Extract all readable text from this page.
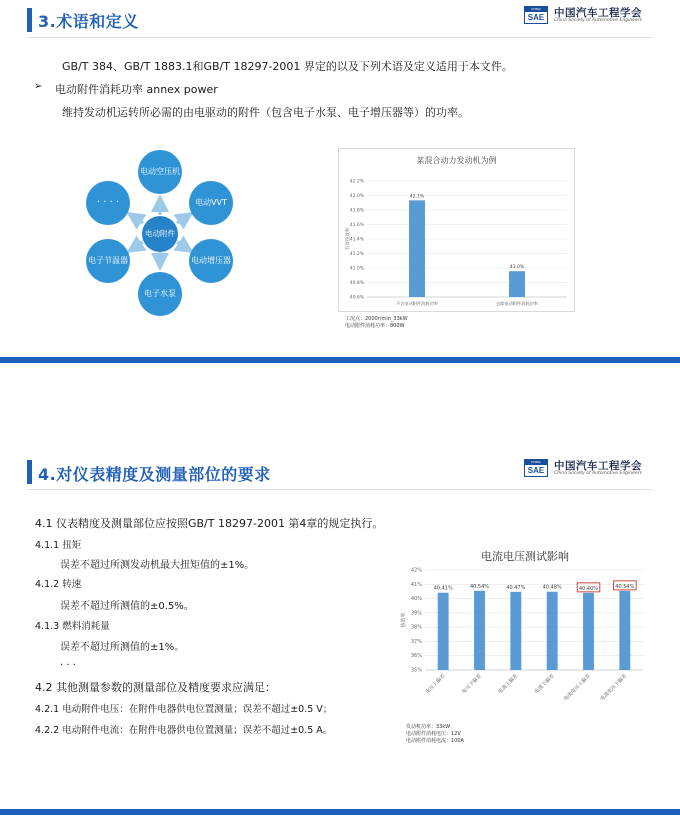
3.术语和定义
CHINA
SAE 中国汽车工程学会
China Society of Automotive Engineers
GB/T 384、GB/T 1883.1和GB/T 18297-2001 界定的以及下列术语及定义适用于本文件。
➢ 电动附件消耗功率 annex power
维持发动机运转所必需的由电驱动的附件（包含电子水泵、电子增压器等）的功率。
电动附件
电动空压机
电动VVT
电动增压器
电子水泵
电子节温器
· · · ·
某混合动力发动机为例
40.6%
40.8%
41.0%
41.2%
41.4%
41.6%
41.8%
42.0%
42.2%
有效热效率
42.1%
不含电动附件消耗功率
41.0%
去除电动附件消耗功率
工况点：2000r/min_33kW
电动附件消耗功率：800W
4.对仪表精度及测量部位的要求
CHINA
SAE 中国汽车工程学会
China Society of Automotive Engineers
4.1 仪表精度及测量部位应按照GB/T 18297-2001 第4章的规定执行。
4.1.1 扭矩
误差不超过所测发动机最大扭矩值的±1%。
4.1.2 转速
误差不超过所测值的±0.5%。
4.1.3 燃料消耗量
误差不超过所测值的±1%。
· · ·
4.2 其他测量参数的测量部位及精度要求应满足：
4.2.1 电动附件电压：在附件电器供电位置测量；误差不超过±0.5 V；
4.2.2 电动附件电流：在附件电器供电位置测量；误差不超过±0.5 A。
电流电压测试影响
35%
36%
37%
38%
39%
40%
41%
42%
热效率
40.41%
电压上偏差
40.54%
电压下偏差
40.47%
电流上偏差
40.48%
电流下偏差
40.40%
电流电压上偏差
40.54%
电流电压下偏差
发动机功率：33kW
电动附件消耗电压：12V
电动附件消耗电流：100A
